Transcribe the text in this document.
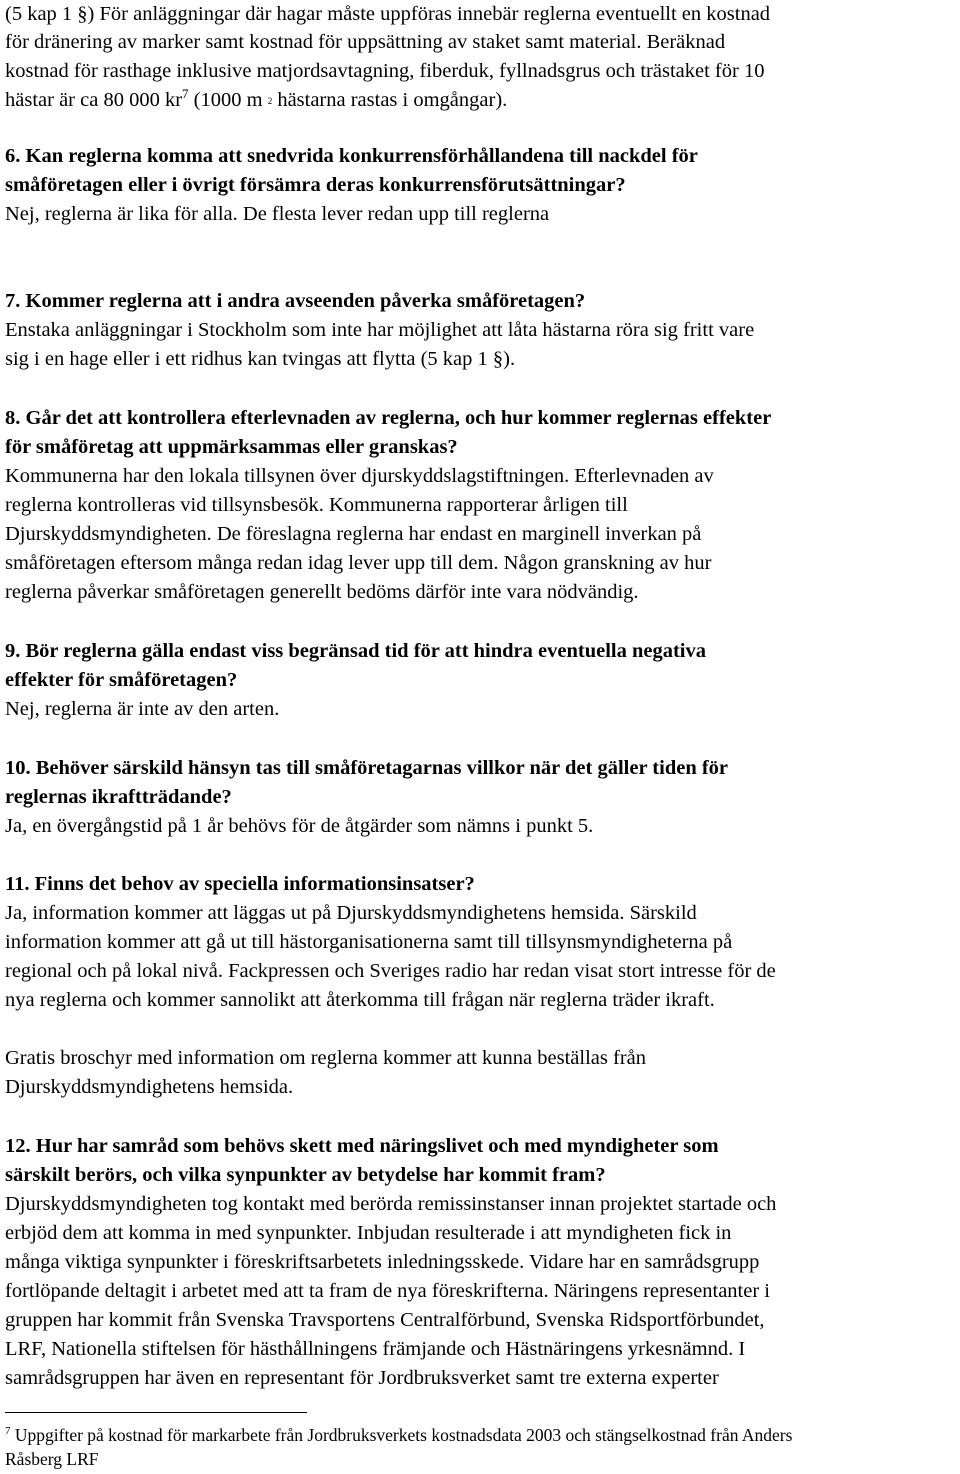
(5 kap 1 §) För anläggningar där hagar måste uppföras innebär reglerna eventuellt en kostnad
för dränering av marker samt kostnad för uppsättning av staket samt material. Beräknad
kostnad för rasthage inklusive matjordsavtagning, fiberduk, fyllnadsgrus och trästaket för 10
hästar är ca 80 000 $kr^7$ (1000 m 2 hästarna rastas i omgångar).
6. Kan reglerna komma att snedvrida konkurrensförhållandena till nackdel för
småföretagen eller i övrigt försämra deras konkurrensförutsättningar?
Nej, reglerna är lika för alla. De flesta lever redan upp till reglerna
7. Kommer reglerna att i andra avseenden påverka småföretagen?
Enstaka anläggningar i Stockholm som inte har möjlighet att låta hästarna röra sig fritt vare
sig i en hage eller i ett ridhus kan tvingas att flytta (5 kap 1 §).
8. Går det att kontrollera efterlevnaden av reglerna, och hur kommer reglernas effekter
för småföretag att uppmärksammas eller granskas?
Kommunerna har den lokala tillsynen över djurskyddslagstiftningen. Efterlevnaden av
reglerna kontrolleras vid tillsynsbesök. Kommunerna rapporterar årligen till
Djurskyddsmyndigheten. De föreslagna reglerna har endast en marginell inverkan på
småföretagen eftersom många redan idag lever upp till dem. Någon granskning av hur
reglerna påverkar småföretagen generellt bedöms därför inte vara nödvändig.
9. Bör reglerna gälla endast viss begränsad tid för att hindra eventuella negativa
effekter för småföretagen?
Nej, reglerna är inte av den arten.
10. Behöver särskild hänsyn tas till småföretagarnas villkor när det gäller tiden för
reglernas ikraftträdande?
Ja, en övergångstid på 1 år behövs för de åtgärder som nämns i punkt 5.
11. Finns det behov av speciella informationsinsatser?
Ja, information kommer att läggas ut på Djurskyddsmyndighetens hemsida. Särskild
information kommer att gå ut till hästorganisationerna samt till tillsynsmyndigheterna på
regional och på lokal nivå. Fackpressen och Sveriges radio har redan visat stort intresse för de
nya reglerna och kommer sannolikt att återkomma till frågan när reglerna träder ikraft.
Gratis broschyr med information om reglerna kommer att kunna beställas från
Djurskyddsmyndighetens hemsida.
12. Hur har samråd som behövs skett med näringslivet och med myndigheter som
särskilt berörs, och vilka synpunkter av betydelse har kommit fram?
Djurskyddsmyndigheten tog kontakt med berörda remissinstanser innan projektet startade och
erbjöd dem att komma in med synpunkter. Inbjudan resulterade i att myndigheten fick in
många viktiga synpunkter i föreskriftsarbetets inledningsskede. Vidare har en samrådsgrupp
fortlöpande deltagit i arbetet med att ta fram de nya föreskrifterna. Näringens representanter i
gruppen har kommit från Svenska Travsportens Centralförbund, Svenska Ridsportförbundet,
LRF, Nationella stiftelsen för hästhållningens främjande och Hästnäringens yrkesnämnd. I
samrådsgruppen har även en representant för Jordbruksverket samt tre externa experter
$^7$ Uppgifter på kostnad för markarbete från Jordbruksverkets kostnadsdata 2003 och stängselkostnad från Anders
Råsberg LRF
